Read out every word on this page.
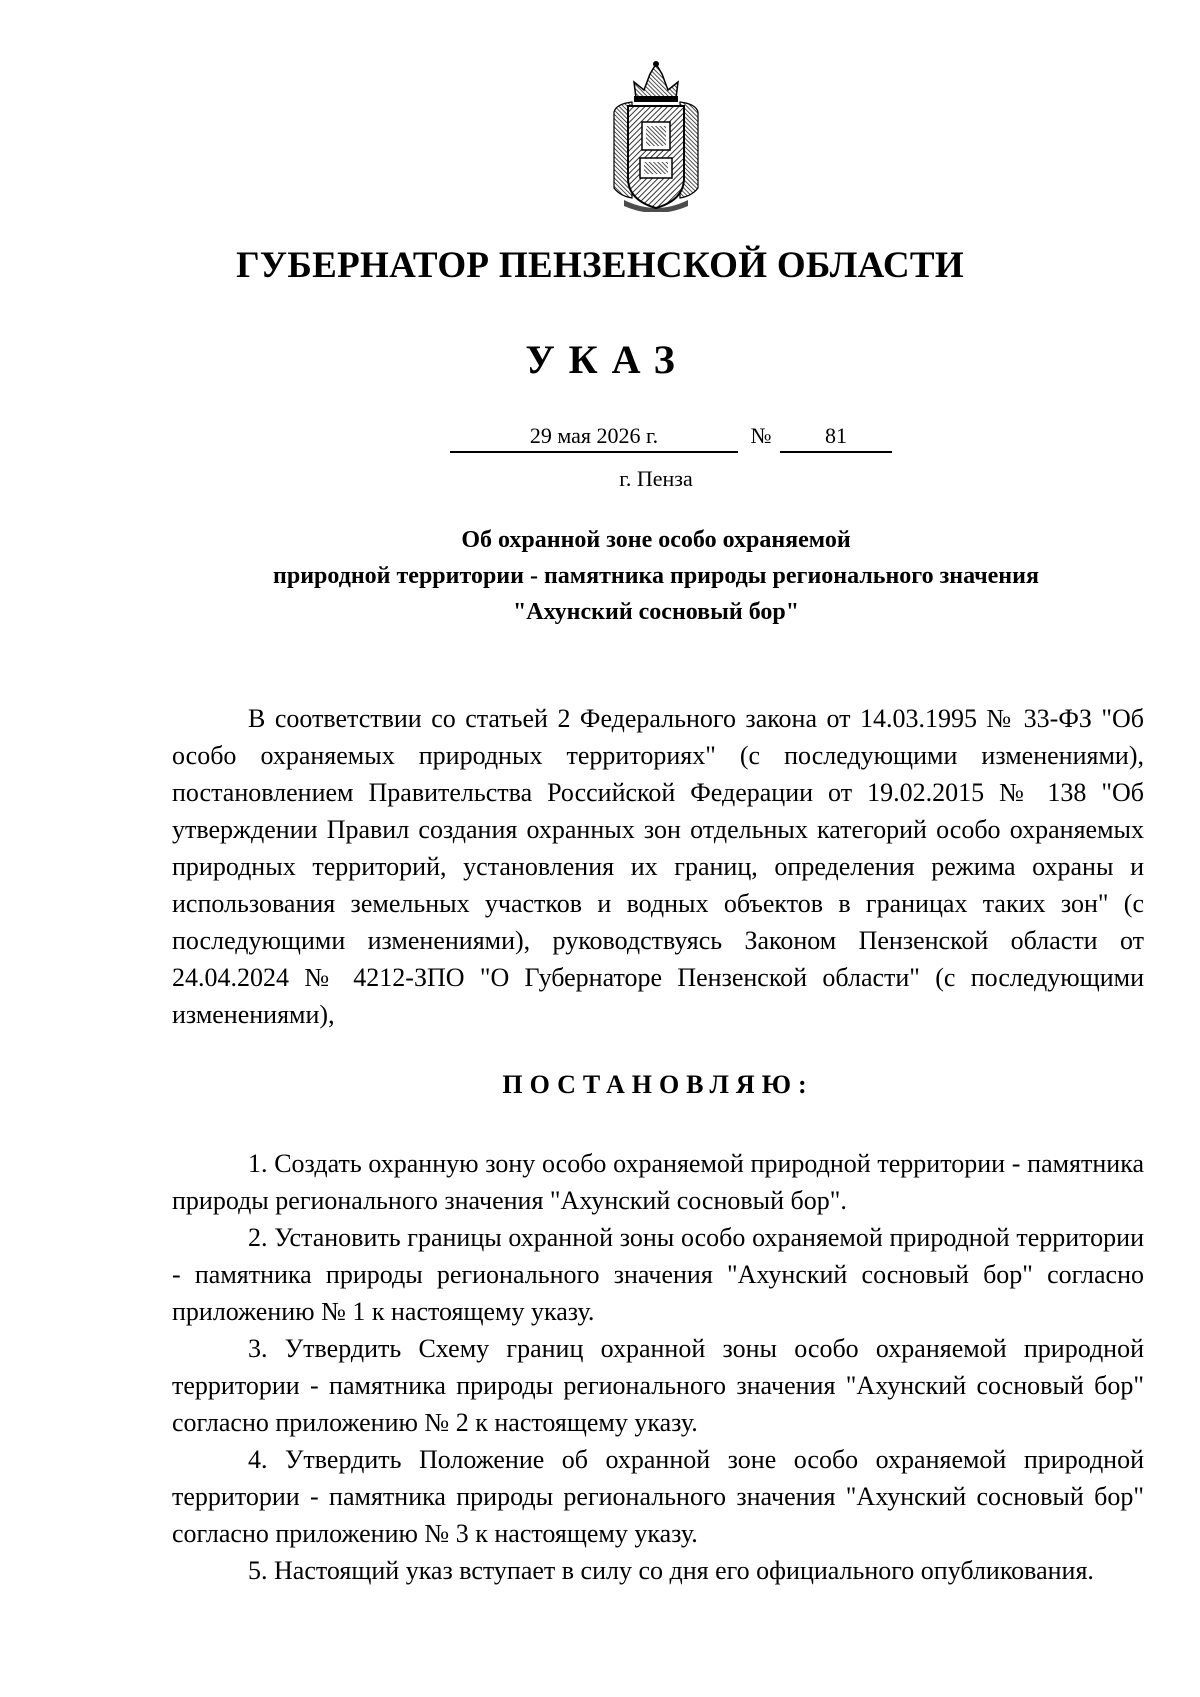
ГУБЕРНАТОР ПЕНЗЕНСКОЙ ОБЛАСТИ
УКАЗ
29 мая 2026 г.	№	81
г. Пенза
Об охранной зоне особо охраняемой
природной территории - памятника природы регионального значения
"Ахунский сосновый бор"

В соответствии со статьей 2 Федерального закона от 14.03.1995 № 33-ФЗ "Об особо охраняемых природных территориях" (с последующими изменениями), постановлением Правительства Российской Федерации от 19.02.2015 № 138 "Об утверждении Правил создания охранных зон отдельных категорий особо охраняемых природных территорий, установления их границ, определения режима охраны и использования земельных участков и водных объектов в границах таких зон" (с последующими изменениями), руководствуясь Законом Пензенской области от 24.04.2024 № 4212-ЗПО "О Губернаторе Пензенской области" (с последующими изменениями),

ПОСТАНОВЛЯЮ:

1. Создать охранную зону особо охраняемой природной территории - памятника природы регионального значения "Ахунский сосновый бор".

2. Установить границы охранной зоны особо охраняемой природной территории - памятника природы регионального значения "Ахунский сосновый бор" согласно приложению № 1 к настоящему указу.

3. Утвердить Схему границ охранной зоны особо охраняемой природной территории - памятника природы регионального значения "Ахунский сосновый бор" согласно приложению № 2 к настоящему указу.

4. Утвердить Положение об охранной зоне особо охраняемой природной территории - памятника природы регионального значения "Ахунский сосновый бор" согласно приложению № 3 к настоящему указу.

5. Настоящий указ вступает в силу со дня его официального опубликования.
